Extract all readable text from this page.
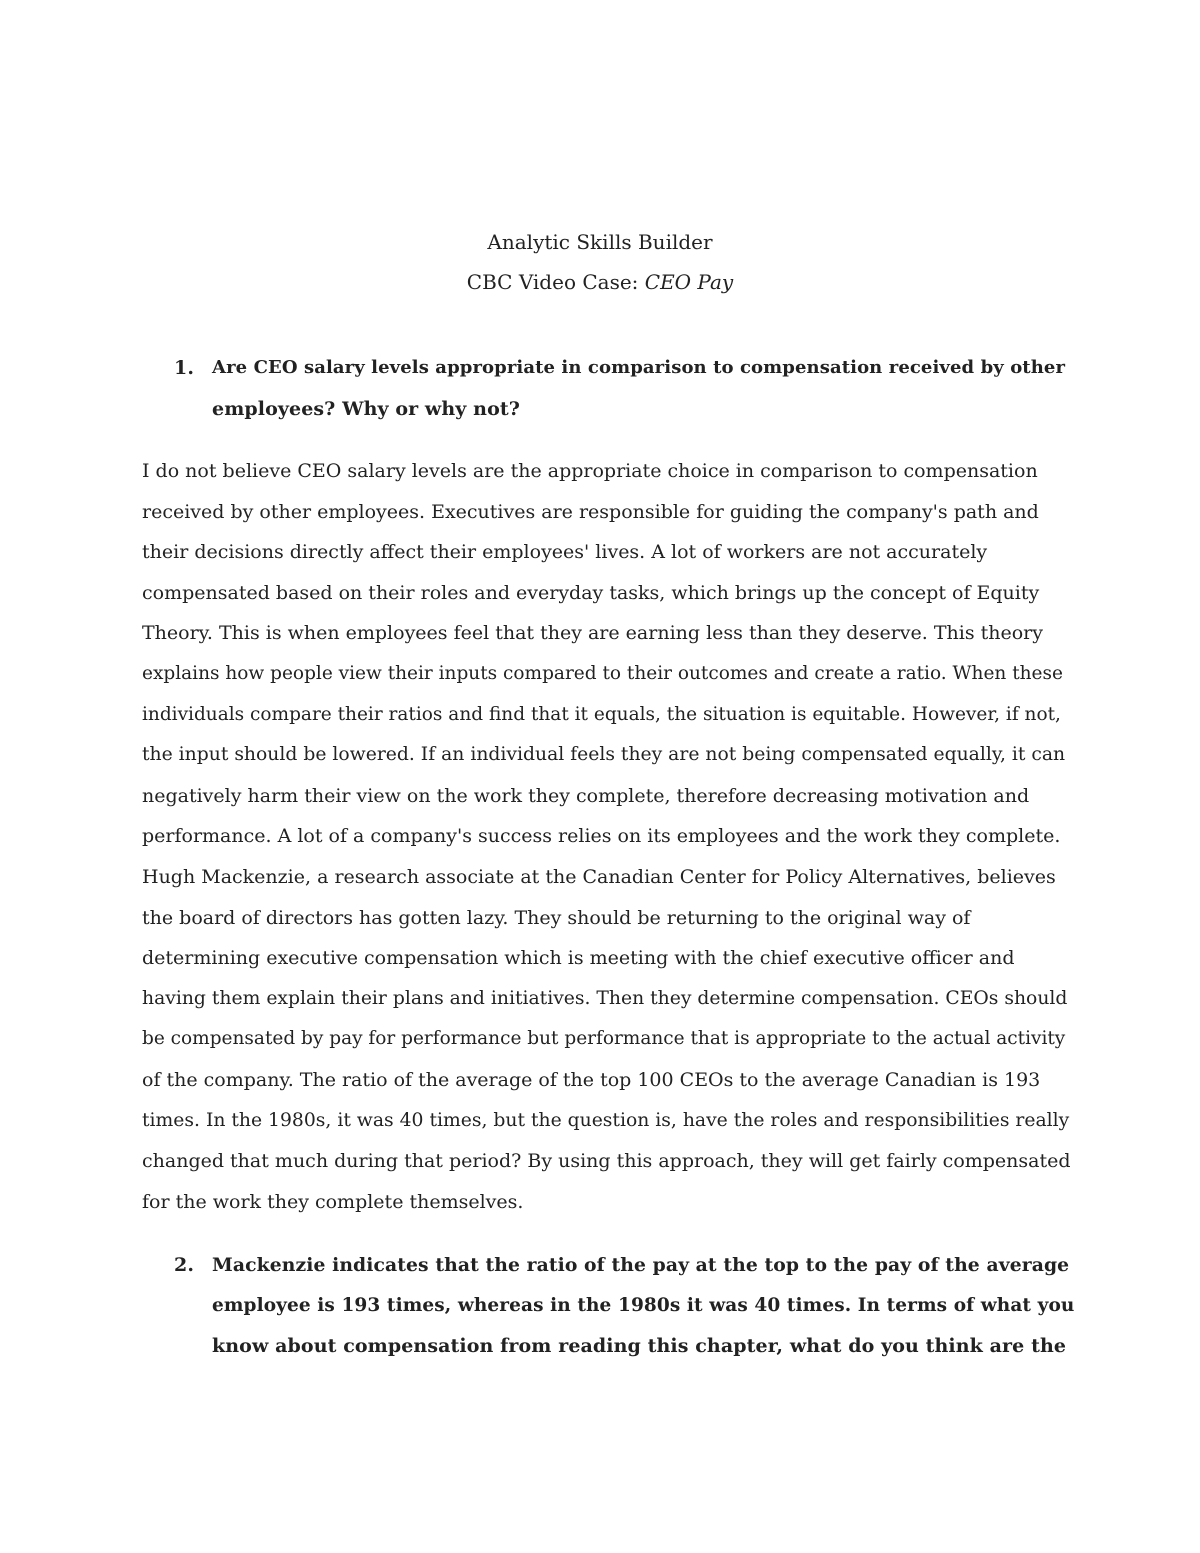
Analytic Skills Builder
CBC Video Case: CEO Pay
1. Are CEO salary levels appropriate in comparison to compensation received by other
employees? Why or why not?
I do not believe CEO salary levels are the appropriate choice in comparison to compensation
received by other employees. Executives are responsible for guiding the company's path and
their decisions directly affect their employees' lives. A lot of workers are not accurately
compensated based on their roles and everyday tasks, which brings up the concept of Equity
Theory. This is when employees feel that they are earning less than they deserve. This theory
explains how people view their inputs compared to their outcomes and create a ratio. When these
individuals compare their ratios and find that it equals, the situation is equitable. However, if not,
the input should be lowered. If an individual feels they are not being compensated equally, it can
negatively harm their view on the work they complete, therefore decreasing motivation and
performance. A lot of a company's success relies on its employees and the work they complete.
Hugh Mackenzie, a research associate at the Canadian Center for Policy Alternatives, believes
the board of directors has gotten lazy. They should be returning to the original way of
determining executive compensation which is meeting with the chief executive officer and
having them explain their plans and initiatives. Then they determine compensation. CEOs should
be compensated by pay for performance but performance that is appropriate to the actual activity
of the company. The ratio of the average of the top 100 CEOs to the average Canadian is 193
times. In the 1980s, it was 40 times, but the question is, have the roles and responsibilities really
changed that much during that period? By using this approach, they will get fairly compensated
for the work they complete themselves.
2. Mackenzie indicates that the ratio of the pay at the top to the pay of the average
employee is 193 times, whereas in the 1980s it was 40 times. In terms of what you
know about compensation from reading this chapter, what do you think are the
